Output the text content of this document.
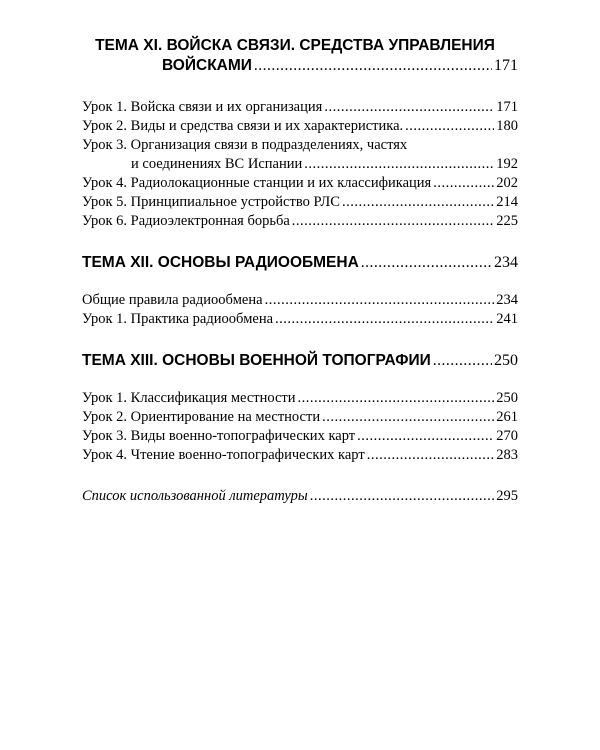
ТЕМА XI. ВОЙСКА СВЯЗИ. СРЕДСТВА УПРАВЛЕНИЯ
ВОЙСКАМИ .....	171
Урок 1. Войска связи и их организация .....	171
Урок 2. Виды и средства связи и их характеристика. .....	180
Урок 3. Организация связи в подразделениях, частях
и соединениях ВС Испании .....	192
Урок 4. Радиолокационные станции и их классификация .....	202
Урок 5. Принципиальное устройство РЛС .....	214
Урок 6. Радиоэлектронная борьба .....	225
ТЕМА XII. ОСНОВЫ РАДИООБМЕНА .....	234
Общие правила радиообмена .....	234
Урок 1. Практика радиообмена .....	241
ТЕМА XIII. ОСНОВЫ ВОЕННОЙ ТОПОГРАФИИ .....	250
Урок 1. Классификация местности .....	250
Урок 2. Ориентирование на местности .....	261
Урок 3. Виды военно-топографических карт .....	270
Урок 4. Чтение военно-топографических карт .....	283
Список использованной литературы .....	295
